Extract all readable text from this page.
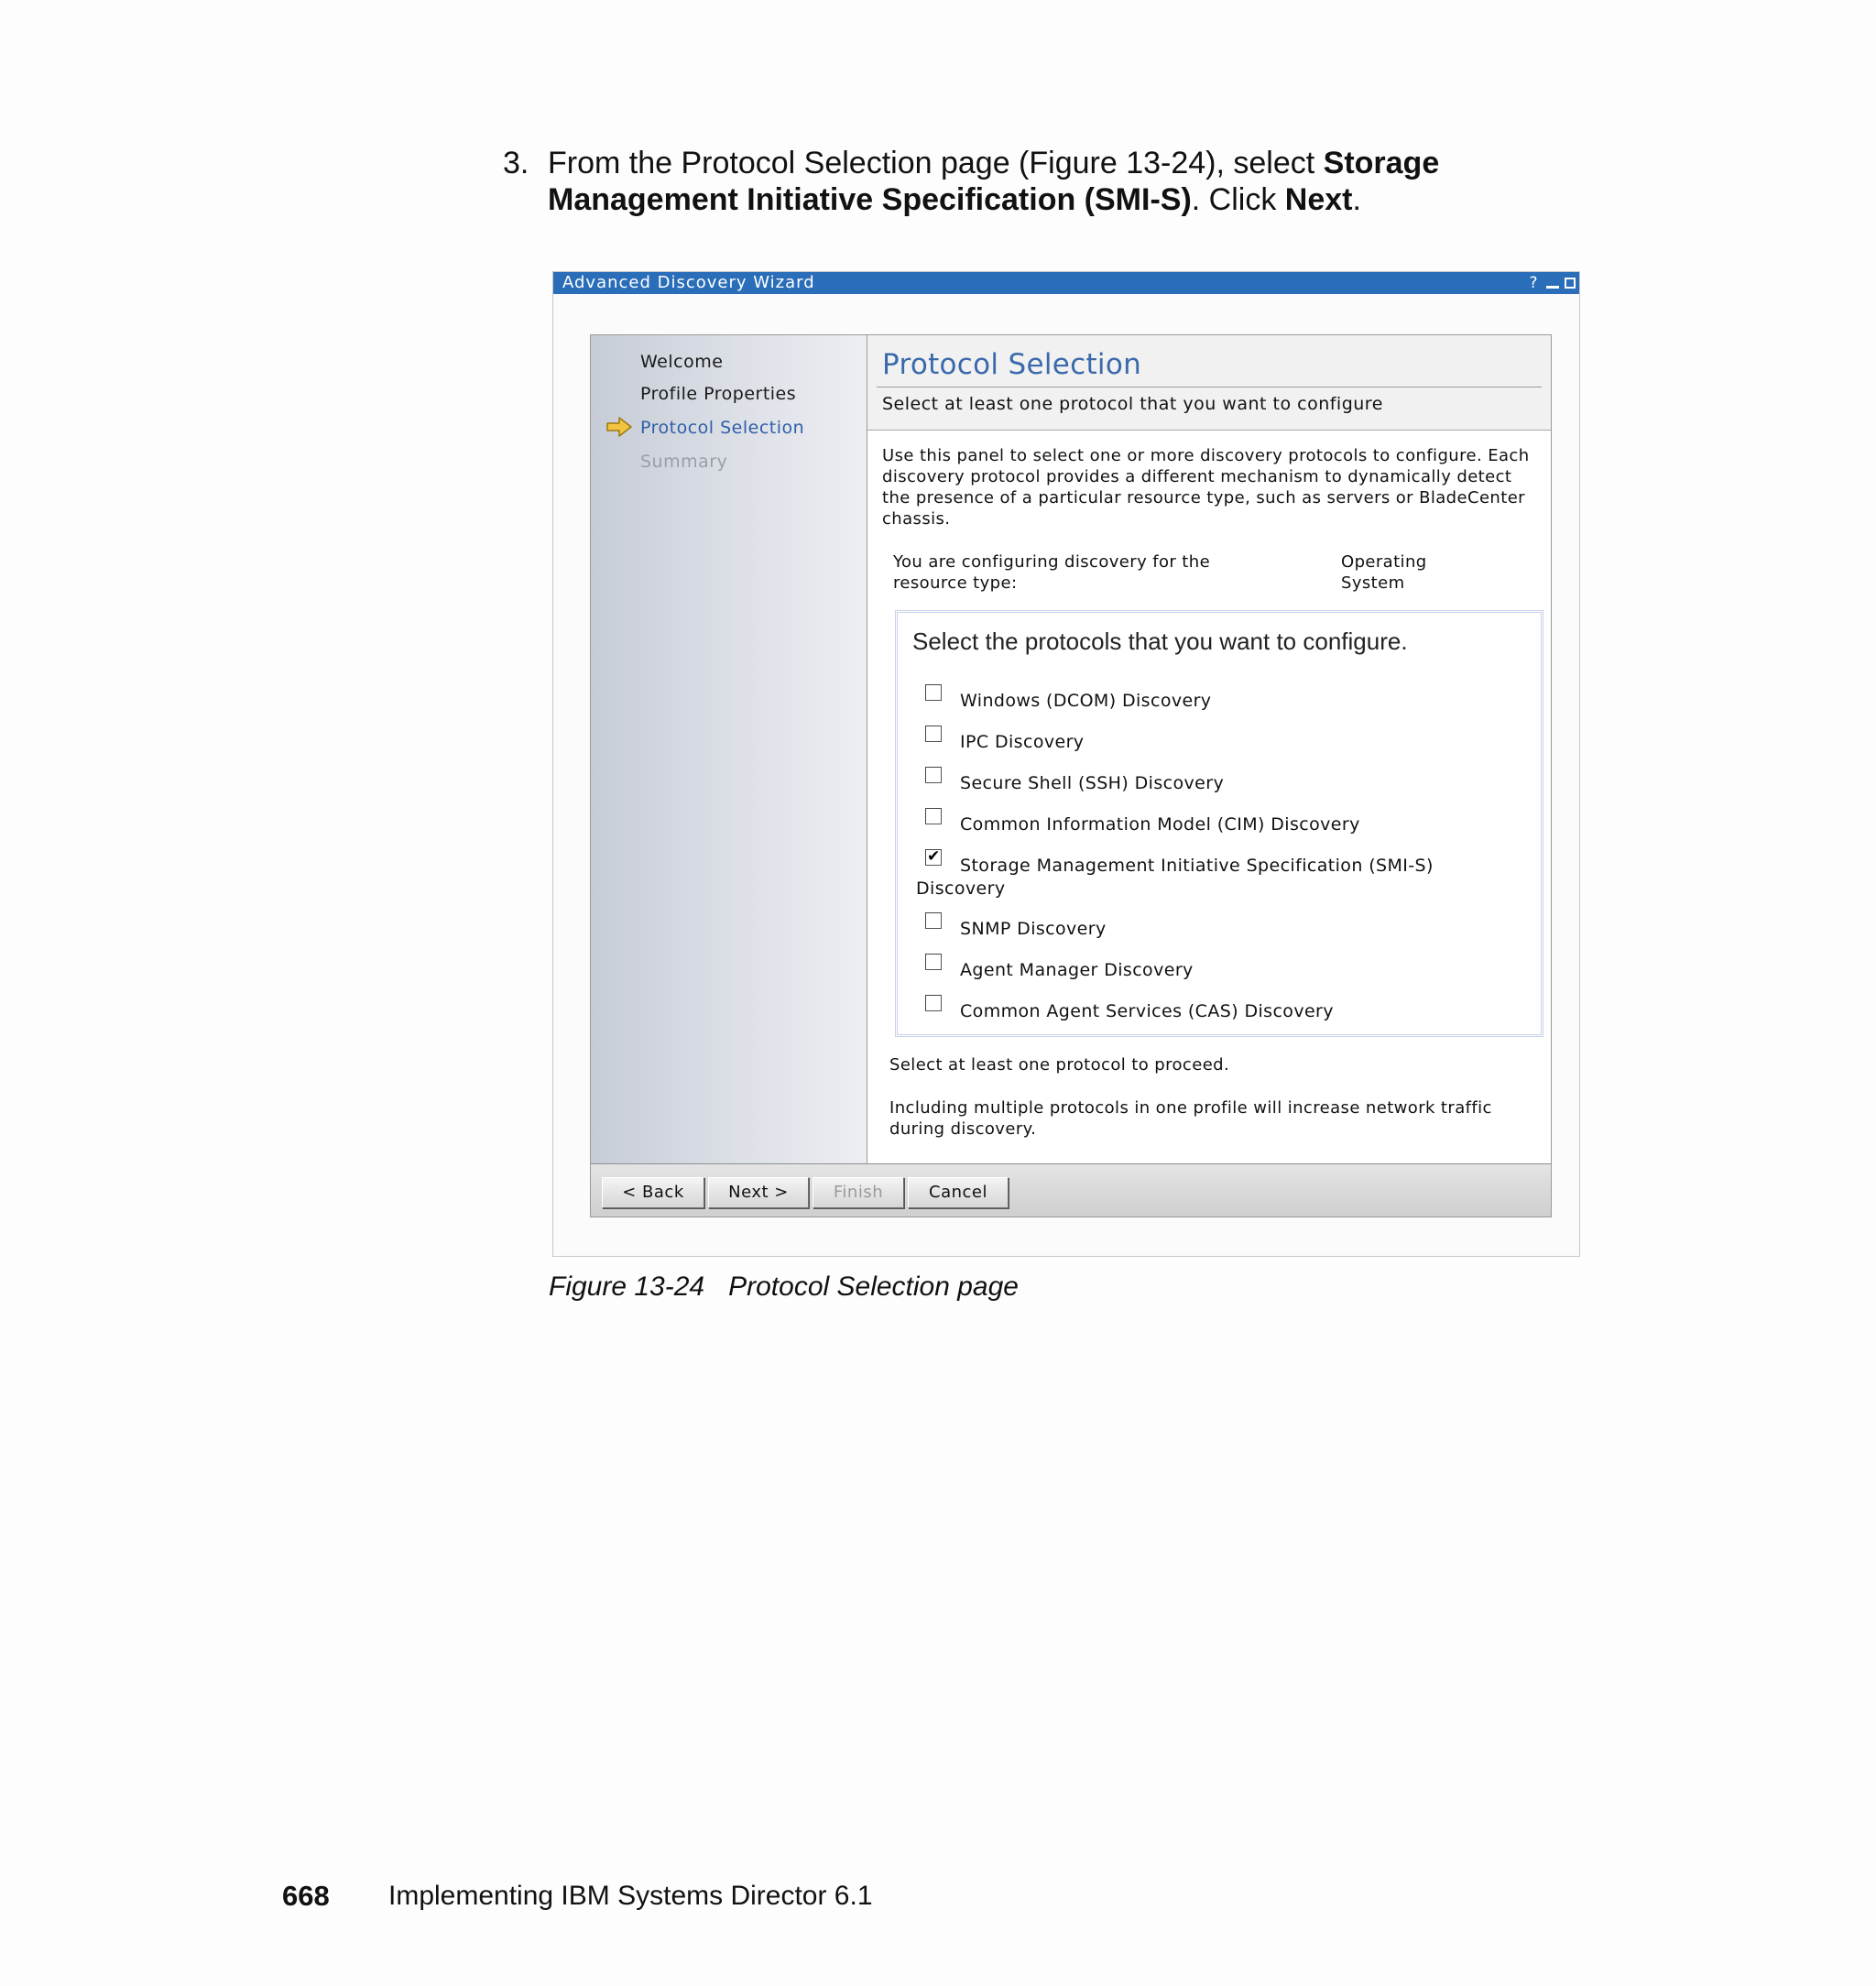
3. From the Protocol Selection page (Figure 13-24), select Storage Management Initiative Specification (SMI-S). Click Next.
Advanced Discovery Wizard	?
Welcome
Profile Properties
Protocol Selection
Summary
Protocol Selection
Select at least one protocol that you want to configure
Use this panel to select one or more discovery protocols to configure. Each discovery protocol provides a different mechanism to dynamically detect the presence of a particular resource type, such as servers or BladeCenter chassis.
You are configuring discovery for the resource type:
Operating System
Select the protocols that you want to configure.
Windows (DCOM) Discovery
IPC Discovery
Secure Shell (SSH) Discovery
Common Information Model (CIM) Discovery
✔	Storage Management Initiative Specification (SMI-S) Discovery
SNMP Discovery
Agent Manager Discovery
Common Agent Services (CAS) Discovery
Select at least one protocol to proceed.
Including multiple protocols in one profile will increase network traffic during discovery.
< Back	Next >	Finish	Cancel
Figure 13-24 Protocol Selection page
668 Implementing IBM Systems Director 6.1
